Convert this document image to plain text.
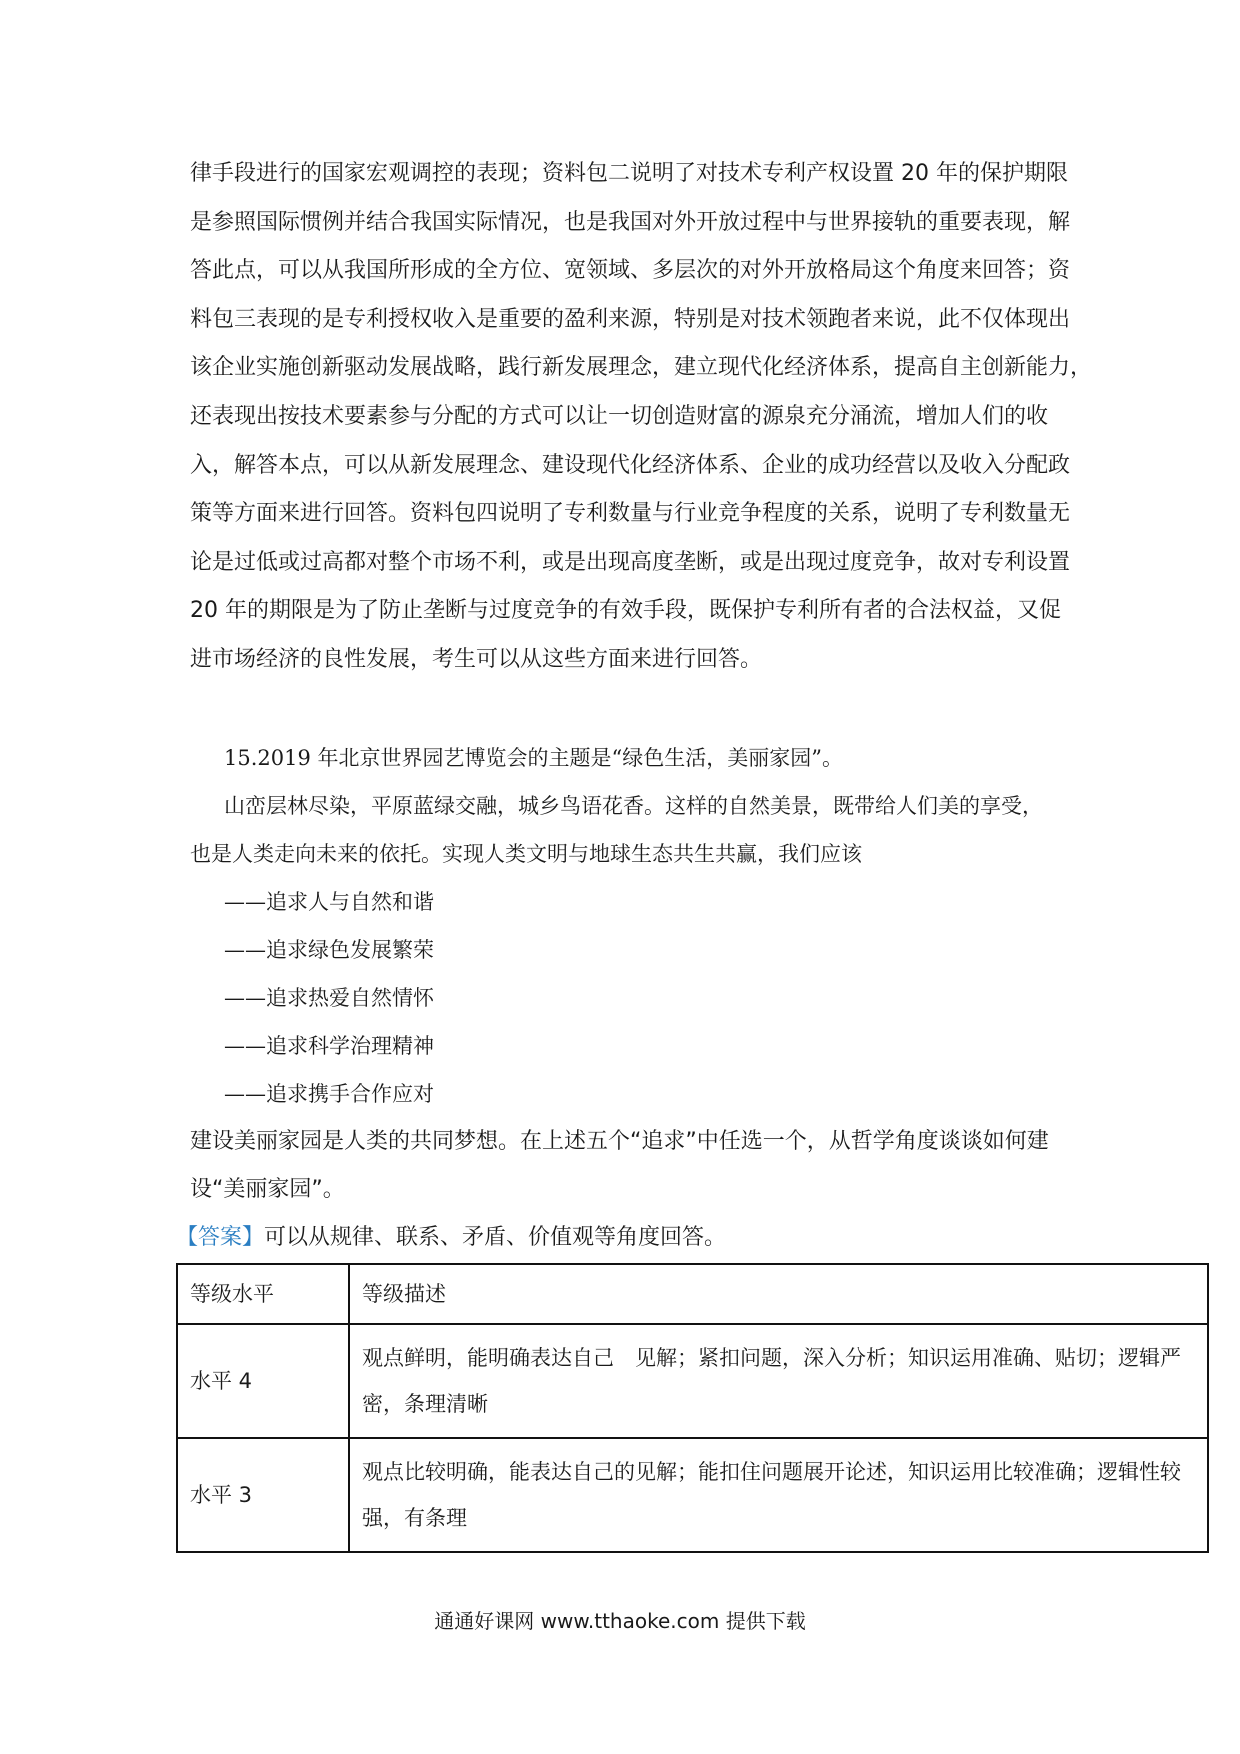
律手段进行的国家宏观调控的表现；资料包二说明了对技术专利产权设置 20 年的保护期限
是参照国际惯例并结合我国实际情况，也是我国对外开放过程中与世界接轨的重要表现，解
答此点，可以从我国所形成的全方位、宽领域、多层次的对外开放格局这个角度来回答；资
料包三表现的是专利授权收入是重要的盈利来源，特别是对技术领跑者来说，此不仅体现出
该企业实施创新驱动发展战略，践行新发展理念，建立现代化经济体系，提高自主创新能力，
还表现出按技术要素参与分配的方式可以让一切创造财富的源泉充分涌流，增加人们的收
入，解答本点，可以从新发展理念、建设现代化经济体系、企业的成功经营以及收入分配政
策等方面来进行回答。资料包四说明了专利数量与行业竞争程度的关系，说明了专利数量无
论是过低或过高都对整个市场不利，或是出现高度垄断，或是出现过度竞争，故对专利设置
20 年的期限是为了防止垄断与过度竞争的有效手段，既保护专利所有者的合法权益，又促
进市场经济的良性发展，考生可以从这些方面来进行回答。
15.2019 年北京世界园艺博览会的主题是“绿色生活，美丽家园”。
山峦层林尽染，平原蓝绿交融，城乡鸟语花香。这样的自然美景，既带给人们美的享受，
也是人类走向未来的依托。实现人类文明与地球生态共生共赢，我们应该
——追求人与自然和谐
——追求绿色发展繁荣
——追求热爱自然情怀
——追求科学治理精神
——追求携手合作应对
建设美丽家园是人类的共同梦想。在上述五个“追求”中任选一个，从哲学角度谈谈如何建
设“美丽家园”。
【答案】可以从规律、联系、矛盾、价值观等角度回答。
等级水平	等级描述
水平 4	观点鲜明，能明确表达自己　见解；紧扣问题，深入分析；知识运用准确、贴切；逻辑严
密，条理清晰

水平 3	观点比较明确，能表达自己的见解；能扣住问题展开论述，知识运用比较准确；逻辑性较
强，有条理
通通好课网 www.tthaoke.com 提供下载
